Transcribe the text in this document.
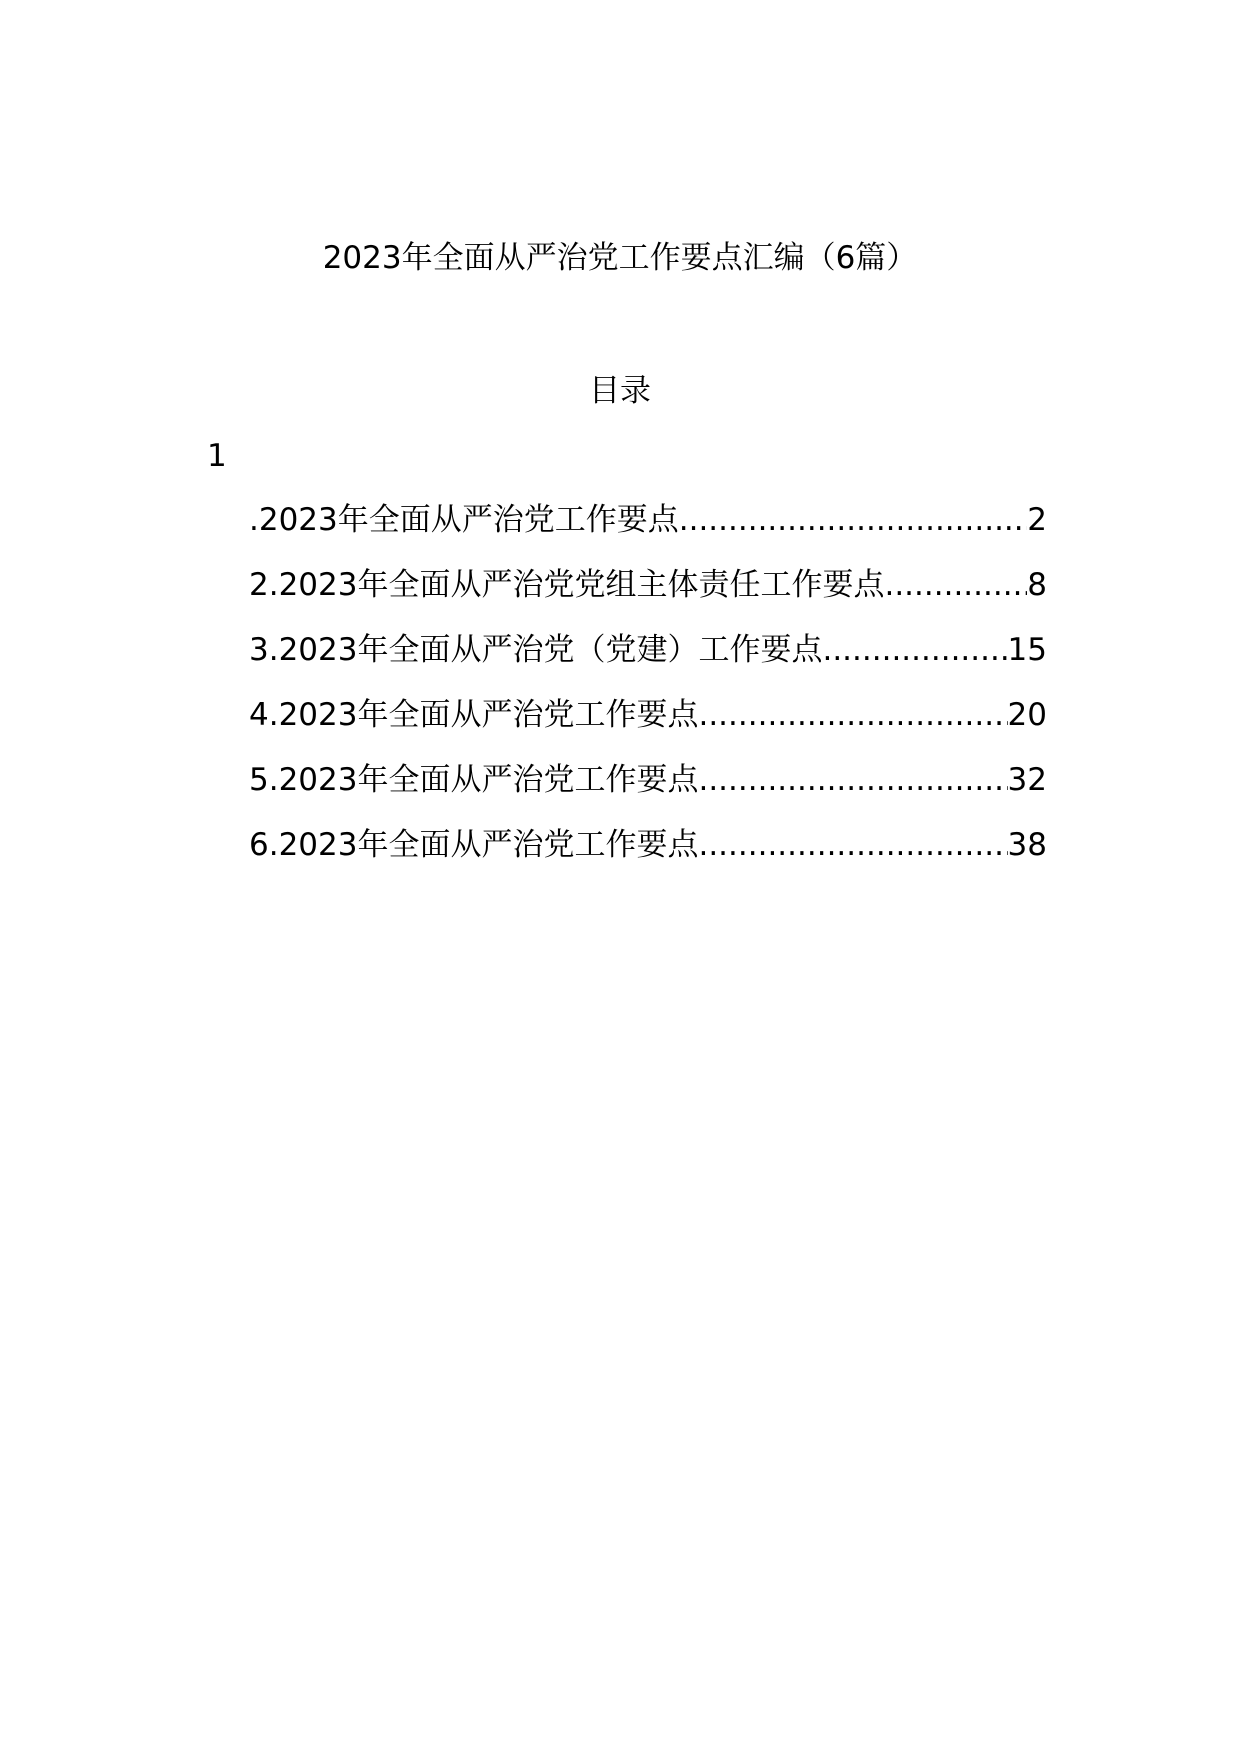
2023年全面从严治党工作要点汇编（6篇）
目录
1
.2023年全面从严治党工作要点 .....	2
2.2023年全面从严治党党组主体责任工作要点 .....	8
3.2023年全面从严治党（党建）工作要点 .....	15
4.2023年全面从严治党工作要点 .....	20
5.2023年全面从严治党工作要点 .....	32
6.2023年全面从严治党工作要点 .....	38
